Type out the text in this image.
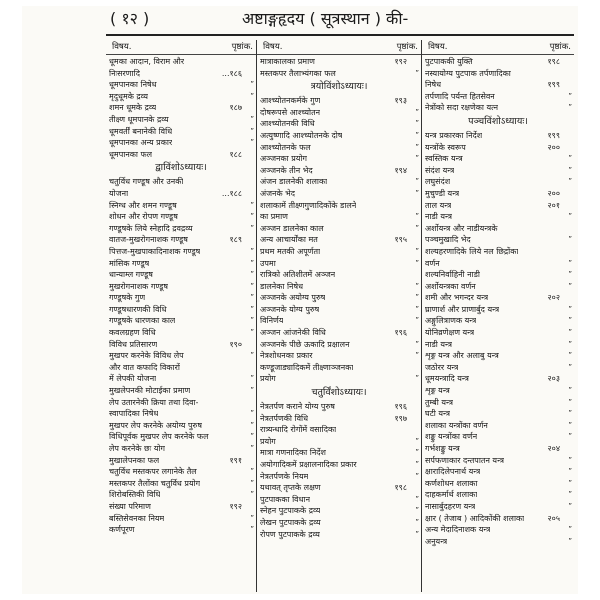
( १२ )	अष्टाङ्गहृदय ( सूत्रस्थान ) की-
विषय.	पृष्ठांक.
धूमका आदान, विराम और
निःसरणादि	...१८६
धूमपानका निषेध	”
मृदुधूमके द्रव्य	”
शमन धूमके द्रव्य	१८७
तीक्ष्ण धूमपानके द्रव्य	”
धूमवर्तीं बनानेकी विधि	”
धूमपानका अन्य प्रकार	”
धूमपानका फल	१८८
द्वाविंशोऽध्यायः।
चतुर्विध गण्डूष और उनकी
योजना	...१८८
स्निग्ध और शमन गण्डूष	”
शोधन और रोपण गण्डूष	”
गण्डूषके लिये स्नेहादि द्रवद्रव्य	”
वातज-मुखरोगनाशक गण्डूष	१८९
पित्तज-मुखपाकादिनाशक गण्डूष	”
मांसिक गण्डूष	”
धान्याम्ल गण्डूष	”
मुखरोगनाशक गण्डूष	”
गण्डूषके गुण	”
गण्डूषधारणकी विधि	”
गण्डूषके धारणका काल	”
कवलग्रहण विधि	”
विविध प्रतिसारण	१९०
मुखपर करनेके विविध लेप	”
और वात कफादि विकारों
में लेपकी योजना	”
मुखलेपनकी मोटाईका प्रमाण	”
लेप उतारनेकी क्रिया तथा दिवा-
स्वापादिका निषेध	”
मुखपर लेप करनेके अयोग्य पुरुष	”
विधिपूर्वक मुखपर लेप करनेके फल	”
लेप करनेके छः योग	”
मुखालेपनका फल	१९१
चतुर्विध मस्तकपर लगानेके तैल	”
मस्तकपर तैलोंका चतुर्विध प्रयोग	”
शिरोबस्तिकी विधि	”
संख्या परिमाण	१९२
बस्तिसेवनका नियम	”
कर्णपूरण	”
विषय.	पृष्ठांक.
मात्राकालका प्रमाण	१९२
मस्तकपर तैलाभ्यंगका फल	”
त्रयोविंशोऽध्यायः।
आश्च्योतनकर्मके गुण	१९३
दोषरूपसे आश्च्योतन	”
आश्च्योतनकी विधि	”
अत्युष्णादि आश्च्योतनके दोष	”
आश्च्योतनके फल	”
अञ्जनका प्रयोग	”
अञ्जनके तीन भेद	१९४
अंजन डालनेकी शलाका	”
अंजनके भेद	”
शलाकामें तीक्ष्णगुणादिकोंके डालने
का प्रमाण	”
अञ्जन डालनेका काल	”
अन्य आचार्योंका मत	१९५
प्रथम मतकी अपूर्णता	”
उपमा	”
रात्रिको अतिशीतमें अञ्जन
डालनेका निषेध	”
अञ्जनके अयोग्य पुरुष	”
अञ्जनके योग्य पुरुष	”
विनिर्णय	”
अञ्जन आंजनेकी विधि	१९६
अञ्जनके पीछे ऊकादि प्रक्षालन	”
नेत्रशोधनका प्रकार	”
कण्डूजाड्यादिकमें तीक्ष्णाञ्जनका
प्रयोग	”
चतुर्विंशोऽध्यायः।
नेत्रतर्पण कराने योग्य पुरुष	१९६
नेत्रतर्पणकी विधि	१९७
रात्र्यन्धादि रोगोंमें वसादिका
प्रयोग	”
मात्रा गणनादिका निर्देश	”
अयोगादिकमें प्रक्षालनादिका प्रकार	”
नेत्रतर्पणके नियम	”
यथावत् तृप्तके लक्षण	१९८
पुटपाकका विधान	”
स्नेहन पुटपाकके द्रव्य	”
लेखन पुटपाकके द्रव्य	”
रोपण पुटपाकके द्रव्य	”
विषय.	पृष्ठांक.
पुटपाककी युक्ति	१९८
नस्यायोग्य पुटपाक तर्पणादिका
निषेध	१९९
तर्पणादि पर्यन्त हितसेवन	”
नेत्रोंको सदा रक्षणेका यत्न	”
पञ्चविंशोऽध्यायः।
यन्त्र प्रकारका निर्देश	१९९
यन्त्रोंके स्वरूप	२००
स्वस्तिक यन्त्र	”
संदंश यन्त्र	”
लघुसंदंश	”
मुचुण्डी यन्त्र	२००
ताल यन्त्र	२०१
नाडी यन्त्र	”
अर्शोयन्त्र और नाडीयन्त्रके
पञ्चमुखादि भेद	”
शल्यहरणादिके लिये नल छिद्रोंका
वर्णन	”
शल्यनिर्वाहिनी नाडी	”
अर्शोयन्त्रका वर्णन	”
शमी और भगन्दर यन्त्र	२०२
घ्राणार्श और प्राणार्बुद यन्त्र	”
अङ्गुलित्राणक यन्त्र	”
योनिव्रणेक्षण यन्त्र	”
नाडी यन्त्र	”
शृङ्ग यन्त्र और अलाबु यन्त्र	”
जठोरर यन्त्र	”
धूमयन्त्रादि यन्त्र	२०३
शृङ्ग यन्त्र	”
तुम्बी यन्त्र	”
घटी यन्त्र	”
शलाका यन्त्रोंका वर्णन	”
शङ्कु यन्त्रोंका वर्णन	”
गर्भशङ्कु यन्त्र	२०४
सर्पफणाकार दन्तपातन यन्त्र	”
क्षारादिलेपनार्थ यन्त्र	”
कर्णशोधन शलाका	”
दाहकर्मार्थ शलाका	”
नासार्बुदहरण यन्त्र	”
क्षार ( तेजाब ) आदिकोंकी शलाका	२०५
अन्य मेदादिनाशक यन्त्र	”
अनुयन्त्र	”
